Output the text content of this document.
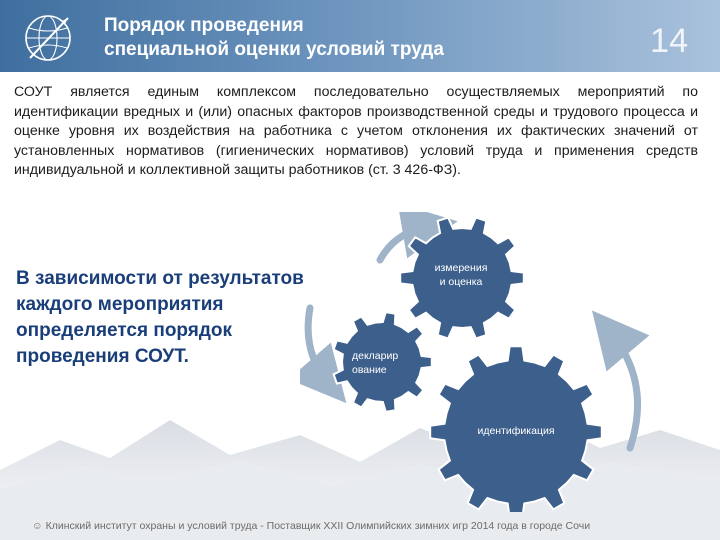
Порядок проведения
специальной оценки условий труда	14
СОУТ является единым комплексом последовательно осуществляемых мероприятий по идентификации вредных и (или) опасных факторов производственной среды и трудового процесса и оценке уровня их воздействия на работника с учетом отклонения их фактических значений от установленных нормативов (гигиенических нормативов) условий труда и применения средств индивидуальной и коллективной защиты работников (ст. 3 426-ФЗ).
В зависимости от результатов каждого мероприятия определяется порядок проведения СОУТ.
измерения
и оценка
декларир
ование
идентификация
☺ Клинский институт охраны и условий труда - Поставщик XXII Олимпийских зимних игр 2014 года в городе Сочи
